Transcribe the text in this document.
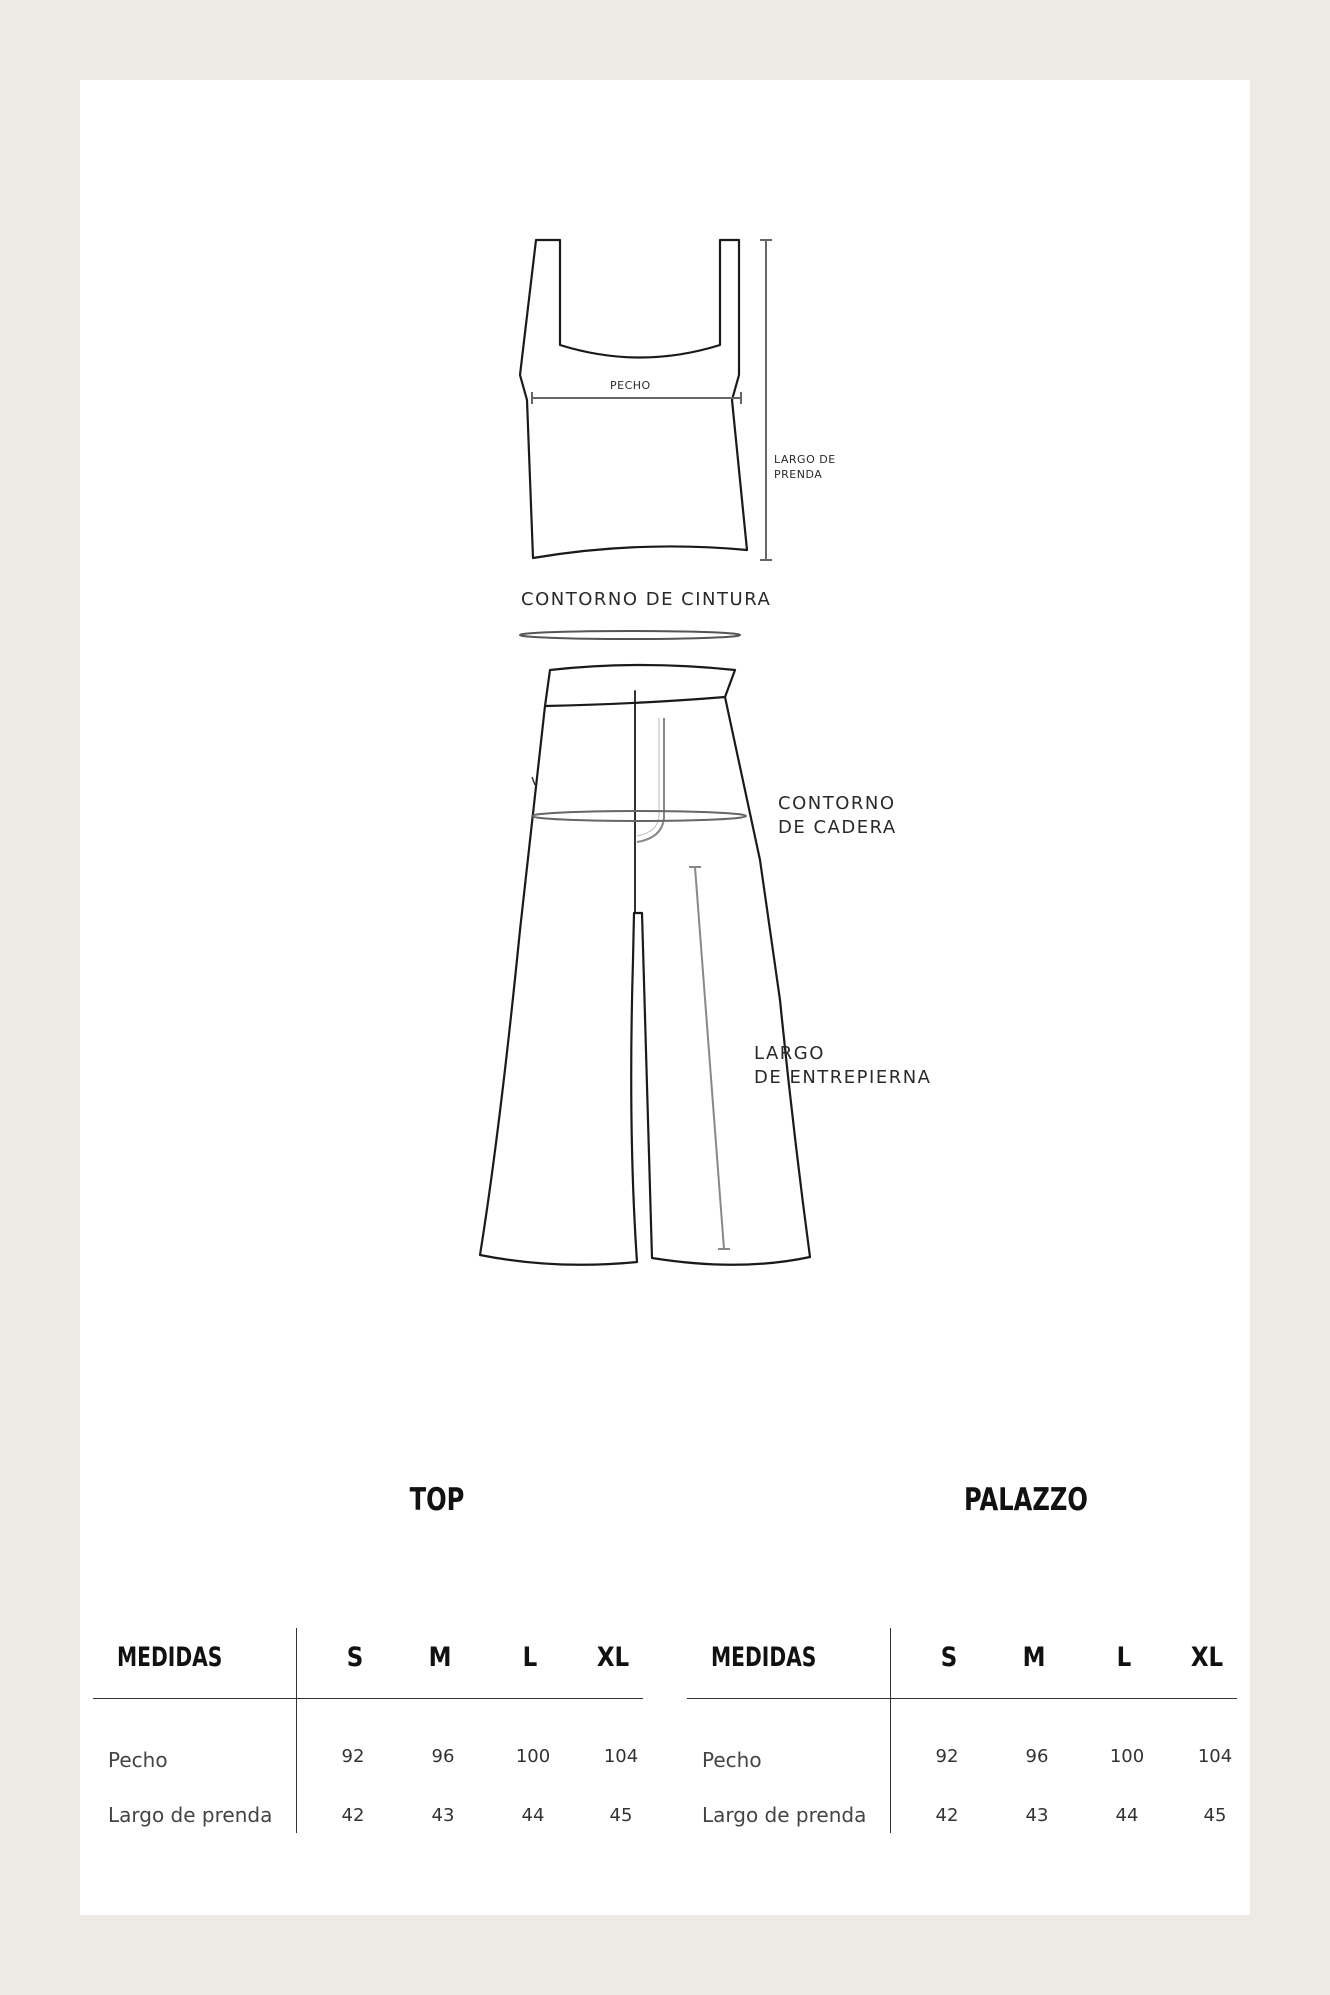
PECHO
LARGO DE
PRENDA
CONTORNO DE CINTURA
CONTORNO
DE CADERA
LARGO
DE ENTREPIERNA
TOP	PALAZZO
MEDIDAS	S	M	L	XL
Pecho	92	96	100	104
Largo de prenda	42	43	44	45
MEDIDAS	S	M	L	XL
Pecho	92	96	100	104
Largo de prenda	42	43	44	45
